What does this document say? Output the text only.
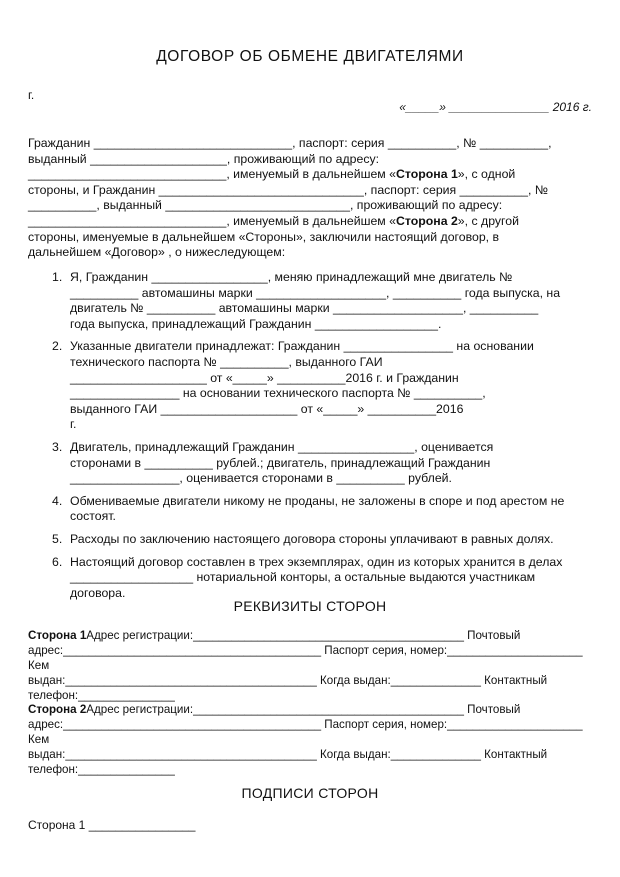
ДОГОВОР ОБ ОБМЕНЕ ДВИГАТЕЛЯМИ
г.
«_____» _______________ 2016 г.

Гражданин _____________________________, паспорт: серия __________, № __________,

выданный ____________________, проживающий по адресу:

_____________________________, именуемый в дальнейшем «Сторона 1», с одной

стороны, и Гражданин ______________________________, паспорт: серия __________, №

__________, выданный ___________________________, проживающий по адресу:

_____________________________, именуемый в дальнейшем «Сторона 2», с другой

стороны, именуемые в дальнейшем «Стороны», заключили настоящий договор, в

дальнейшем «Договор» , о нижеследующем:

1. Я, Гражданин _________________, меняю принадлежащий мне двигатель №
__________ автомашины марки ___________________, __________ года выпуска, на
двигатель № __________ автомашины марки ___________________, __________
года выпуска, принадлежащий Гражданин __________________.
2. Указанные двигатели принадлежат: Гражданин ________________ на основании
технического паспорта № __________, выданного ГАИ
____________________ от «_____» __________2016 г. и Гражданин
________________ на основании технического паспорта № __________,
выданного ГАИ ____________________ от «_____» __________2016
г.
3. Двигатель, принадлежащий Гражданин _________________, оценивается
сторонами в __________ рублей.; двигатель, принадлежащий Гражданин
________________, оценивается сторонами в __________ рублей.
4. Обмениваемые двигатели никому не проданы, не заложены в споре и под арестом не
состоят.
5. Расходы по заключению настоящего договора стороны уплачивают в равных долях.
6. Настоящий договор составлен в трех экземплярах, один из которых хранится в делах
__________________ нотариальной конторы, а остальные выдаются участникам
договора.
РЕКВИЗИТЫ СТОРОН
Сторона 1Адрес регистрации:__________________________________________ Почтовый
адрес:________________________________________ Паспорт серия, номер:_____________________ Кем
выдан:_______________________________________ Когда выдан:______________ Контактный
телефон:_______________
Сторона 2Адрес регистрации:__________________________________________ Почтовый
адрес:________________________________________ Паспорт серия, номер:_____________________ Кем
выдан:_______________________________________ Когда выдан:______________ Контактный
телефон:_______________
ПОДПИСИ СТОРОН
Сторона 1 ________________
